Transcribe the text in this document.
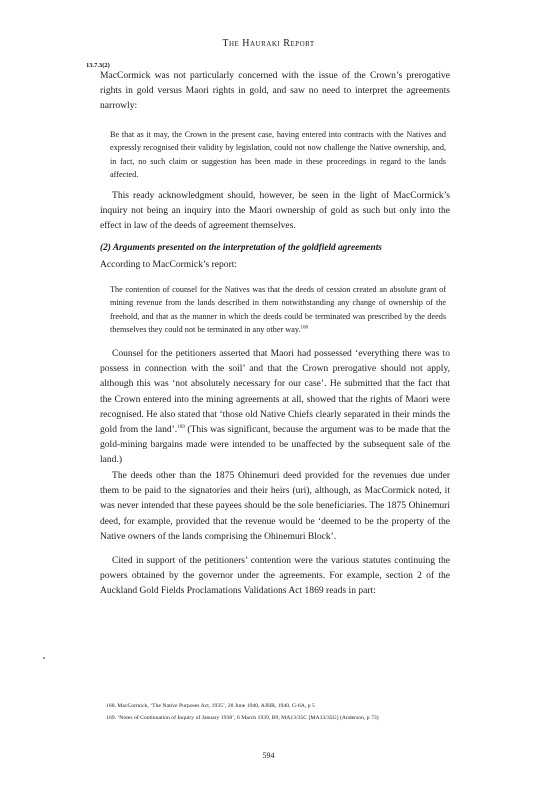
The Hauraki Report
13.7.3(2)

MacCormick was not particularly concerned with the issue of the Crown’s prerogative rights in gold versus Maori rights in gold, and saw no need to interpret the agreements narrowly:

Be that as it may, the Crown in the present case, having entered into contracts with the Natives and expressly recognised their validity by legislation, could not now challenge the Native ownership, and, in fact, no such claim or suggestion has been made in these proceedings in regard to the lands affected.

This ready acknowledgment should, however, be seen in the light of MacCormick’s inquiry not being an inquiry into the Maori ownership of gold as such but only into the effect in law of the deeds of agreement themselves.

(2) Arguments presented on the interpretation of the goldfield agreements
According to MacCormick’s report:
The contention of counsel for the Natives was that the deeds of cession created an absolute grant of mining revenue from the lands described in them notwithstanding any change of ownership of the freehold, and that as the manner in which the deeds could be terminated was prescribed by the deeds themselves they could not be terminated in any other way.$^{168}$

Counsel for the petitioners asserted that Maori had possessed ‘everything there was to possess in connection with the soil’ and that the Crown prerogative should not apply, although this was ‘not absolutely necessary for our case’. He submitted that the fact that the Crown entered into the mining agreements at all, showed that the rights of Maori were recognised. He also stated that ‘those old Native Chiefs clearly separated in their minds the gold from the land’.$^{169}$ (This was significant, because the argument was to be made that the gold-mining bargains made were intended to be unaffected by the subsequent sale of the land.)

The deeds other than the 1875 Ohinemuri deed provided for the revenues due under them to be paid to the signatories and their heirs (uri), although, as MacCormick noted, it was never intended that these payees should be the sole beneficiaries. The 1875 Ohinemuri deed, for example, provided that the revenue would be ‘deemed to be the property of the Native owners of the lands comprising the Ohinemuri Block’.

Cited in support of the petitioners’ contention were the various statutes continuing the powers obtained by the governor under the agreements. For example, section 2 of the Auckland Gold Fields Proclamations Validations Act 1869 reads in part:

168. MacCormick, ‘The Native Purposes Act, 1935’, 28 June 1940, AJHR, 1940, G-6A, p 5

169. ‘Notes of Continuation of Inquiry of January 1938’, 6 March 1939, B9, MA13/35C [MA13/35G] (Anderson, p 73)

594
